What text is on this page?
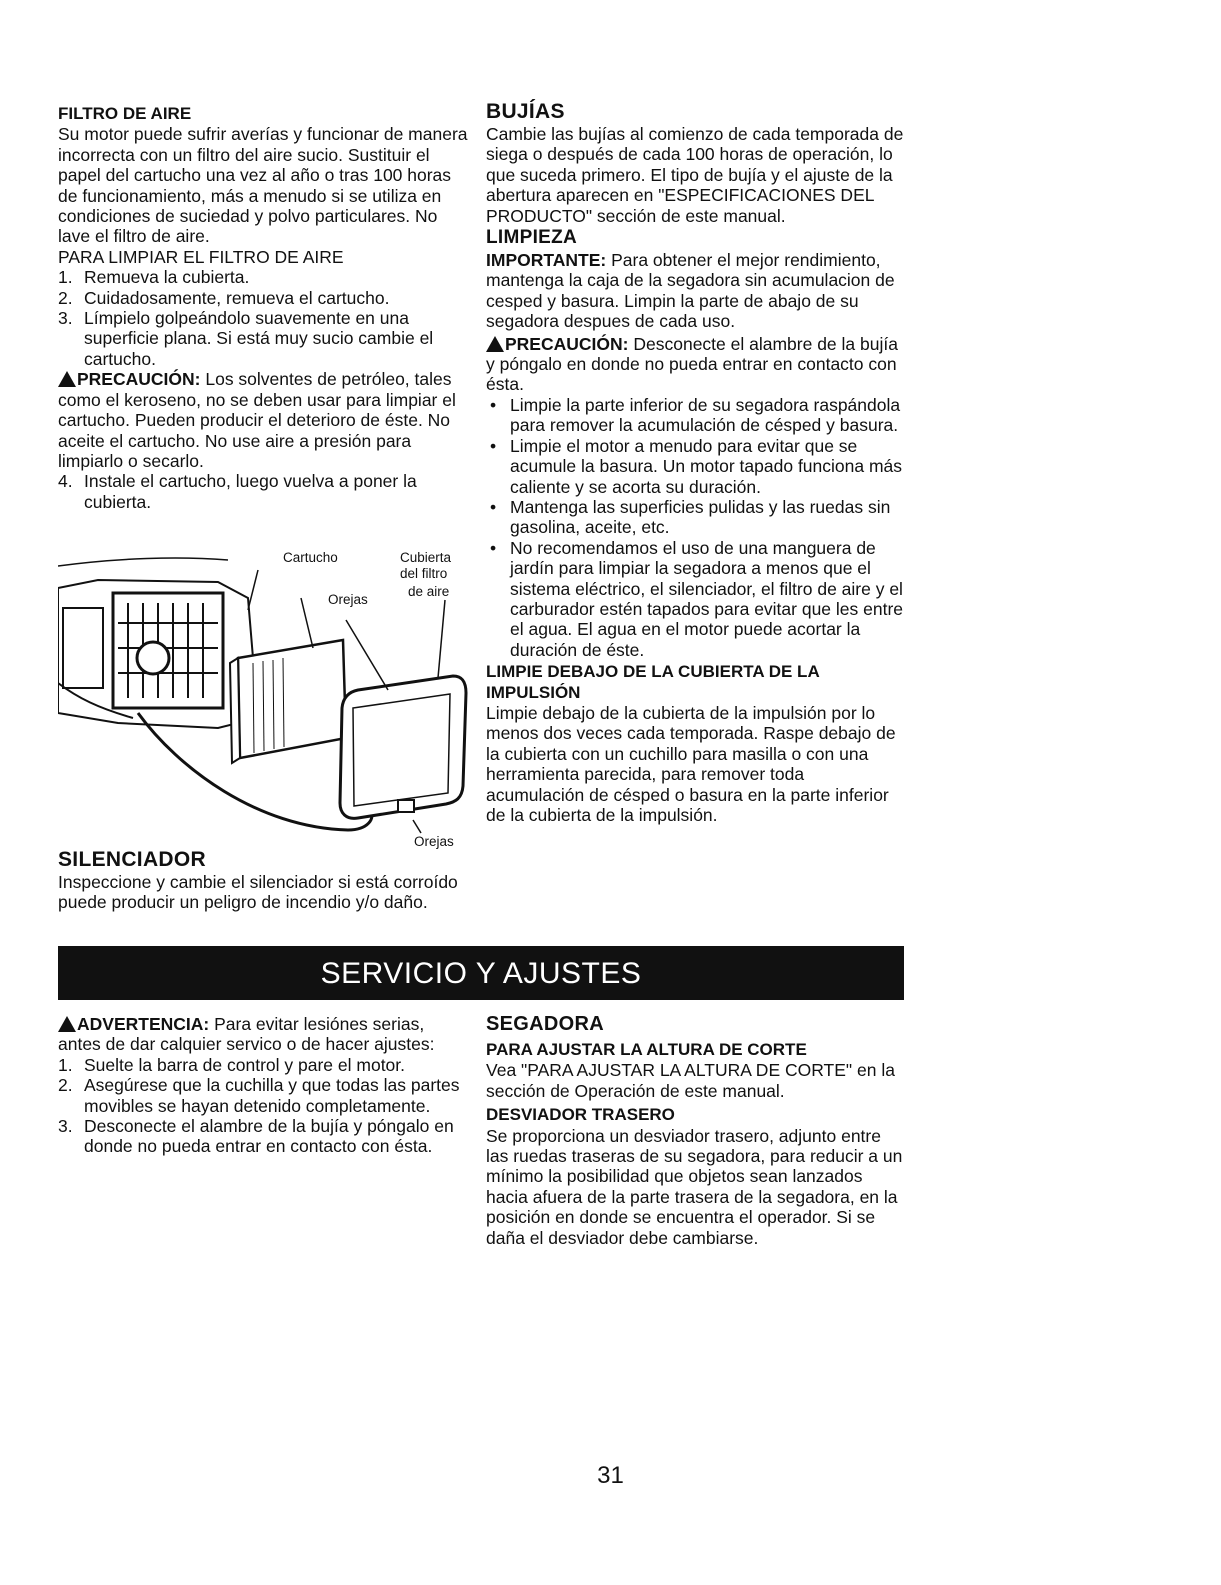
FILTRO DE AIRE

Su motor puede sufrir averías y funcionar de manera incorrecta con un filtro del aire sucio. Sustituir el papel del cartucho una vez al año o tras 100 horas de funcionamiento, más a menudo si se utiliza en condiciones de suciedad y polvo particulares. No lave el filtro de aire.

PARA LIMPIAR EL FILTRO DE AIRE

1. Remueva la cubierta.
2. Cuidadosamente, remueva el cartucho.
3. Límpielo golpeándolo suavemente en una superficie plana. Si está muy sucio cambie el cartucho.

PRECAUCIÓN: Los solventes de petróleo, tales como el keroseno, no se deben usar para limpiar el cartucho. Pueden producir el deterioro de éste. No aceite el cartucho. No use aire a presión para limpiarlo o secarlo.

4. Instale el cartucho, luego vuelva a poner la cubierta.
Cartucho	Cubierta
del filtro
de aire
Orejas
Orejas

SILENCIADOR

Inspeccione y cambie el silenciador si está corroído puede producir un peligro de incendio y/o daño.

BUJÍAS

Cambie las bujías al comienzo de cada temporada de siega o después de cada 100 horas de operación, lo que suceda primero. El tipo de bujía y el ajuste de la abertura aparecen en "ESPECIFICACIONES DEL PRODUCTO" sección de este manual.

LIMPIEZA

IMPORTANTE: Para obtener el mejor rendimiento, mantenga la caja de la segadora sin acumulacion de cesped y basura. Limpin la parte de abajo de su segadora despues de cada uso.

PRECAUCIÓN: Desconecte el alambre de la bujía y póngalo en donde no pueda entrar en contacto con ésta.

• Limpie la parte inferior de su segadora raspándola para remover la acumulación de césped y basura.
• Limpie el motor a menudo para evitar que se acumule la basura. Un motor tapado funciona más caliente y se acorta su duración.
• Mantenga las superficies pulidas y las ruedas sin gasolina, aceite, etc.
• No recomendamos el uso de una manguera de jardín para limpiar la segadora a menos que el sistema eléctrico, el silenciador, el filtro de aire y el carburador estén tapados para evitar que les entre el agua. El agua en el motor puede acortar la duración de éste.

LIMPIE DEBAJO DE LA CUBIERTA DE LA IMPULSIÓN

Limpie debajo de la cubierta de la impulsión por lo menos dos veces cada temporada. Raspe debajo de la cubierta con un cuchillo para masilla o con una herramienta parecida, para remover toda acumulación de césped o basura en la parte inferior de la cubierta de la impulsión.

SERVICIO Y AJUSTES

ADVERTENCIA: Para evitar lesiónes serias, antes de dar calquier servico o de hacer ajustes:

1. Suelte la barra de control y pare el motor.
2. Asegúrese que la cuchilla y que todas las partes movibles se hayan detenido completamente.
3. Desconecte el alambre de la bujía y póngalo en donde no pueda entrar en contacto con ésta.

SEGADORA

PARA AJUSTAR LA ALTURA DE CORTE

Vea "PARA AJUSTAR LA ALTURA DE CORTE" en la sección de Operación de este manual.

DESVIADOR TRASERO

Se proporciona un desviador trasero, adjunto entre las ruedas traseras de su segadora, para reducir a un mínimo la posibilidad que objetos sean lanzados hacia afuera de la parte trasera de la segadora, en la posición en donde se encuentra el operador. Si se daña el desviador debe cambiarse.

31
